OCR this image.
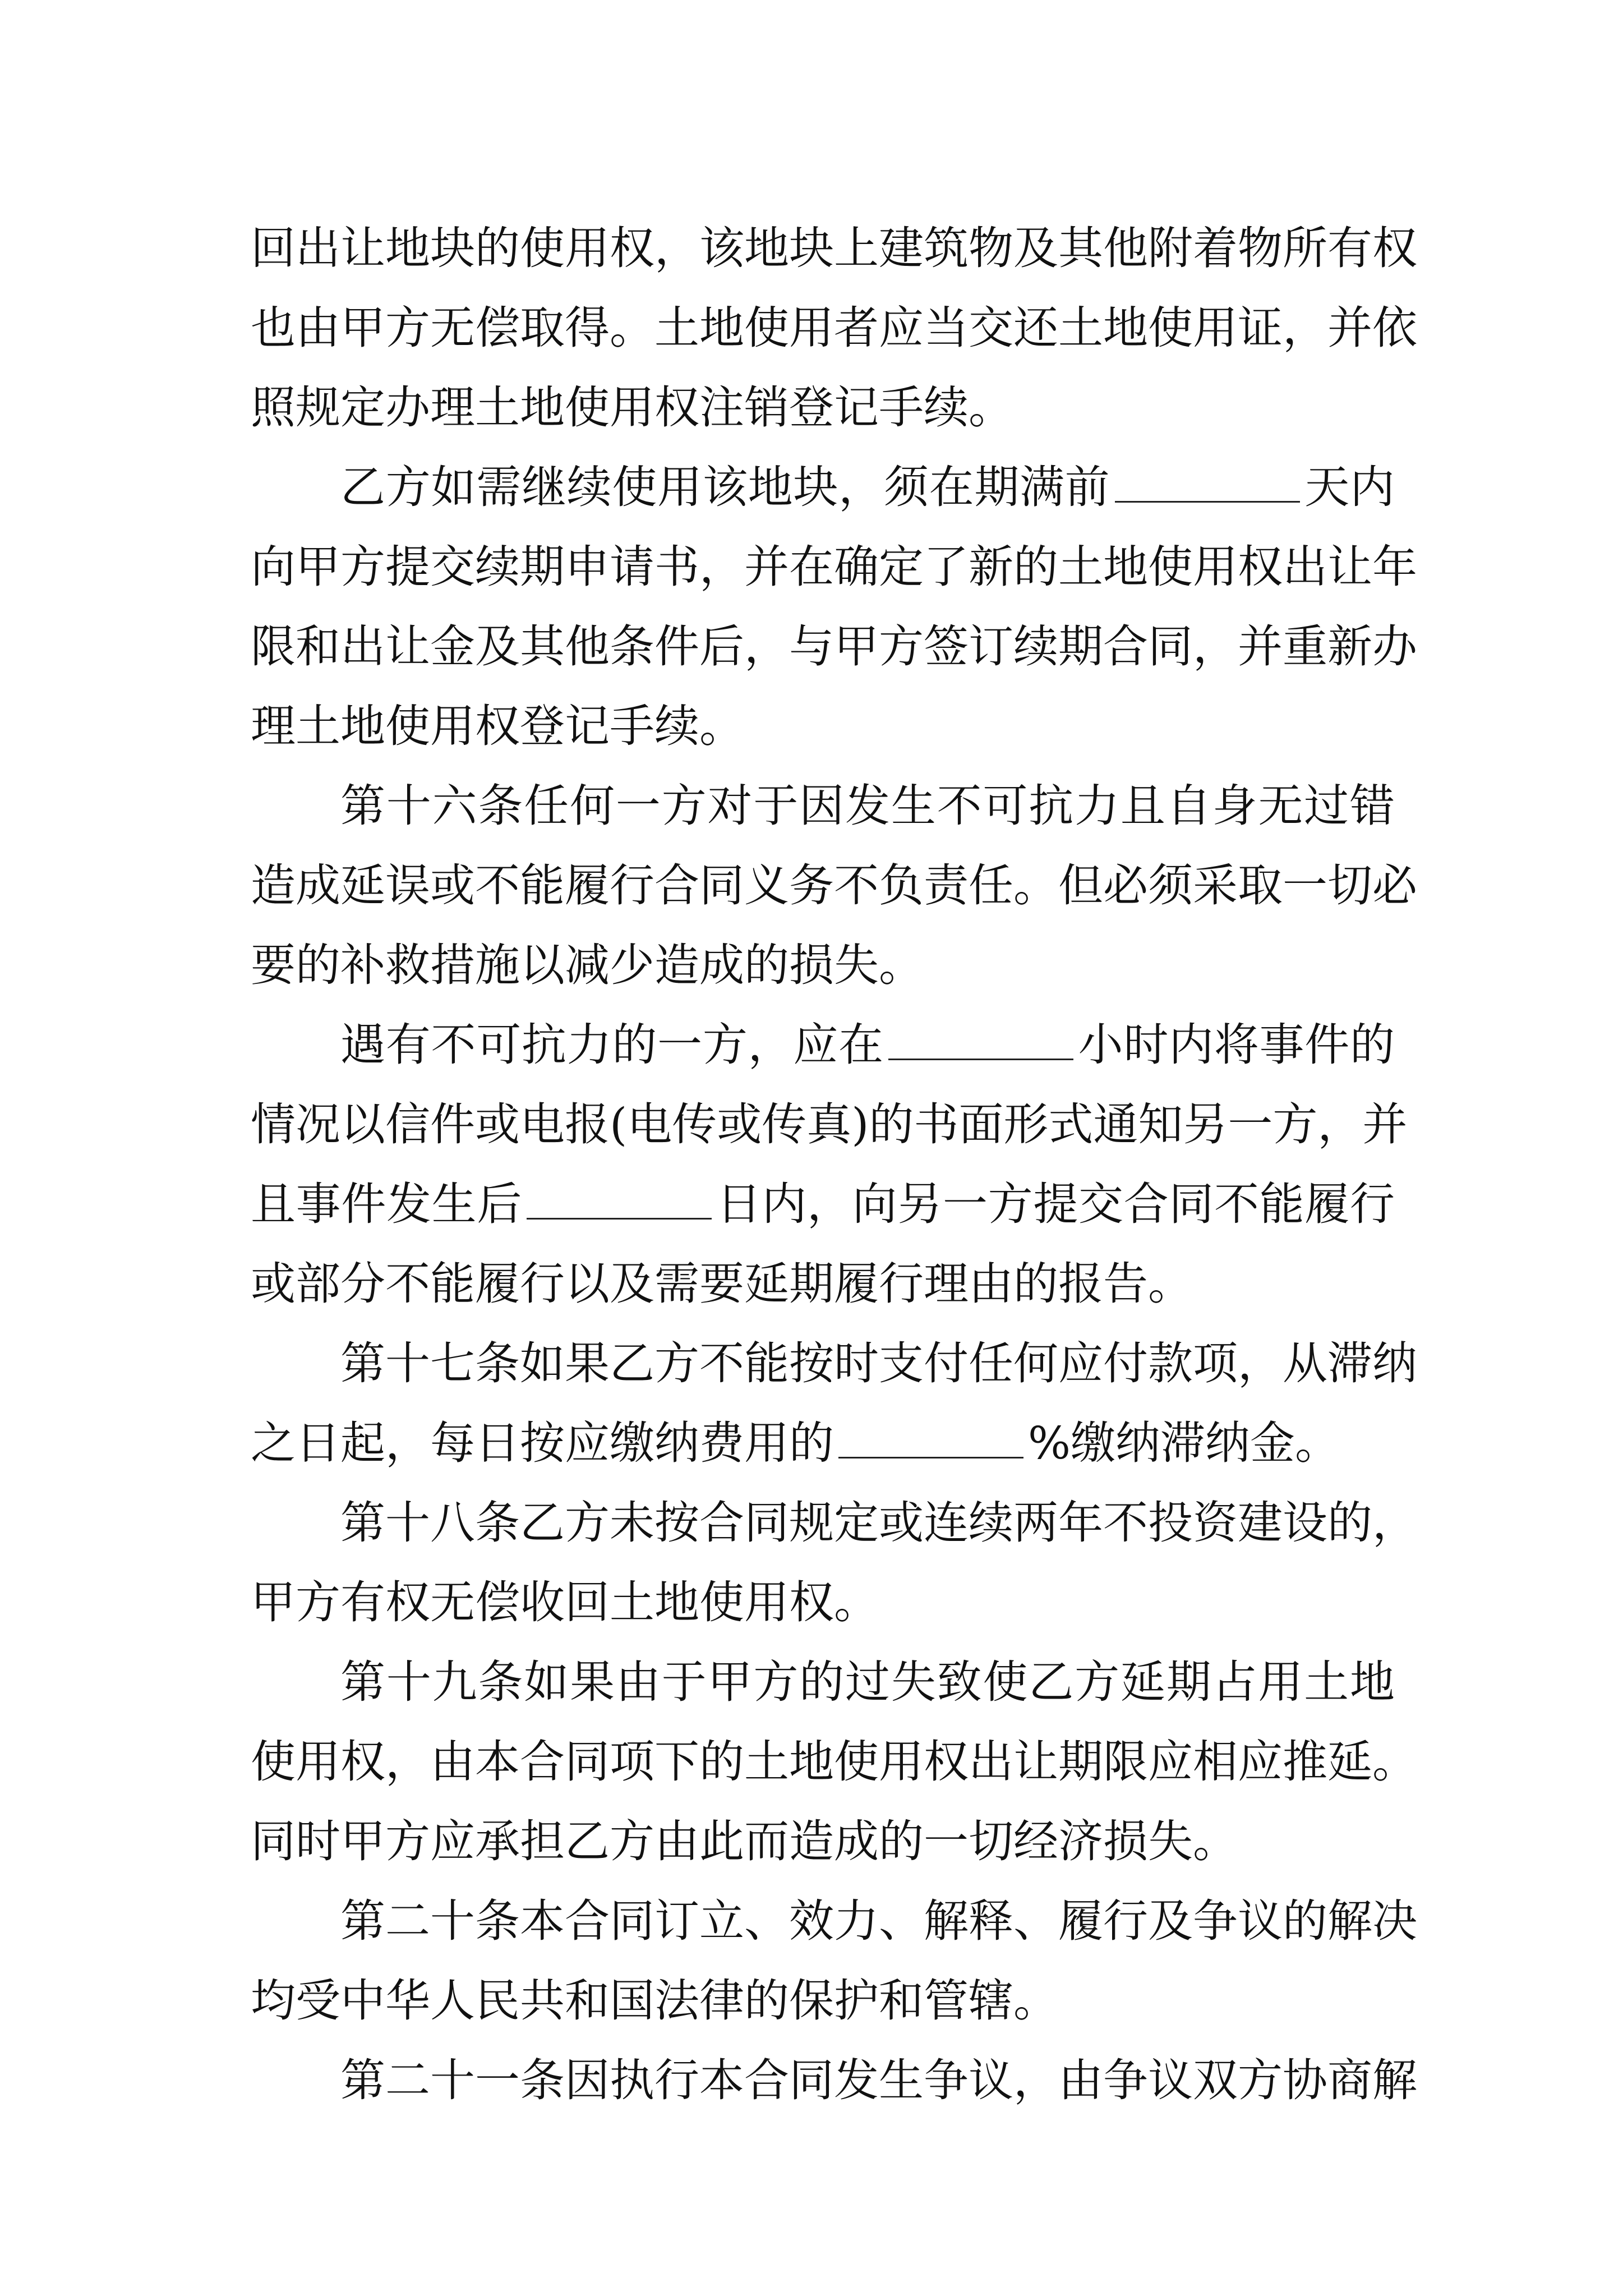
回出让地块的使用权，该地块上建筑物及其他附着物所有权
也由甲方无偿取得。土地使用者应当交还土地使用证，并依
照规定办理土地使用权注销登记手续。
乙方如需继续使用该地块，须在期满前	天内
向甲方提交续期申请书，并在确定了新的土地使用权出让年
限和出让金及其他条件后，与甲方签订续期合同，并重新办
理土地使用权登记手续。
第十六条任何一方对于因发生不可抗力且自身无过错
造成延误或不能履行合同义务不负责任。但必须采取一切必
要的补救措施以减少造成的损失。
遇有不可抗力的一方，应在	小时内将事件的
情况以信件或电报(电传或传真)的书面形式通知另一方，并
且事件发生后	日内，向另一方提交合同不能履行
或部分不能履行以及需要延期履行理由的报告。
第十七条如果乙方不能按时支付任何应付款项，从滞纳
之日起，每日按应缴纳费用的	%缴纳滞纳金。
第十八条乙方未按合同规定或连续两年不投资建设的，
甲方有权无偿收回土地使用权。
第十九条如果由于甲方的过失致使乙方延期占用土地
使用权，由本合同项下的土地使用权出让期限应相应推延。
同时甲方应承担乙方由此而造成的一切经济损失。
第二十条本合同订立、效力、解释、履行及争议的解决
均受中华人民共和国法律的保护和管辖。
第二十一条因执行本合同发生争议，由争议双方协商解
